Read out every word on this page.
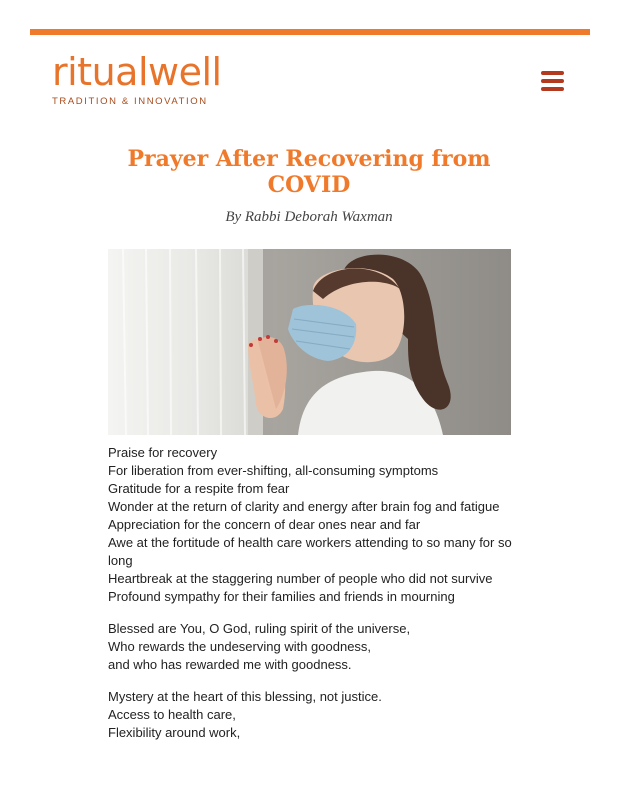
ritualwell
TRADITION & INNOVATION
Prayer After Recovering from
COVID
By Rabbi Deborah Waxman

Praise for recovery

For liberation from ever-shifting, all-consuming symptoms

Gratitude for a respite from fear

Wonder at the return of clarity and energy after brain fog and fatigue

Appreciation for the concern of dear ones near and far

Awe at the fortitude of health care workers attending to so many for so long

Heartbreak at the staggering number of people who did not survive

Profound sympathy for their families and friends in mourning

Blessed are You, O God, ruling spirit of the universe,

Who rewards the undeserving with goodness,

and who has rewarded me with goodness.

Mystery at the heart of this blessing, not justice.

Access to health care,

Flexibility around work,
